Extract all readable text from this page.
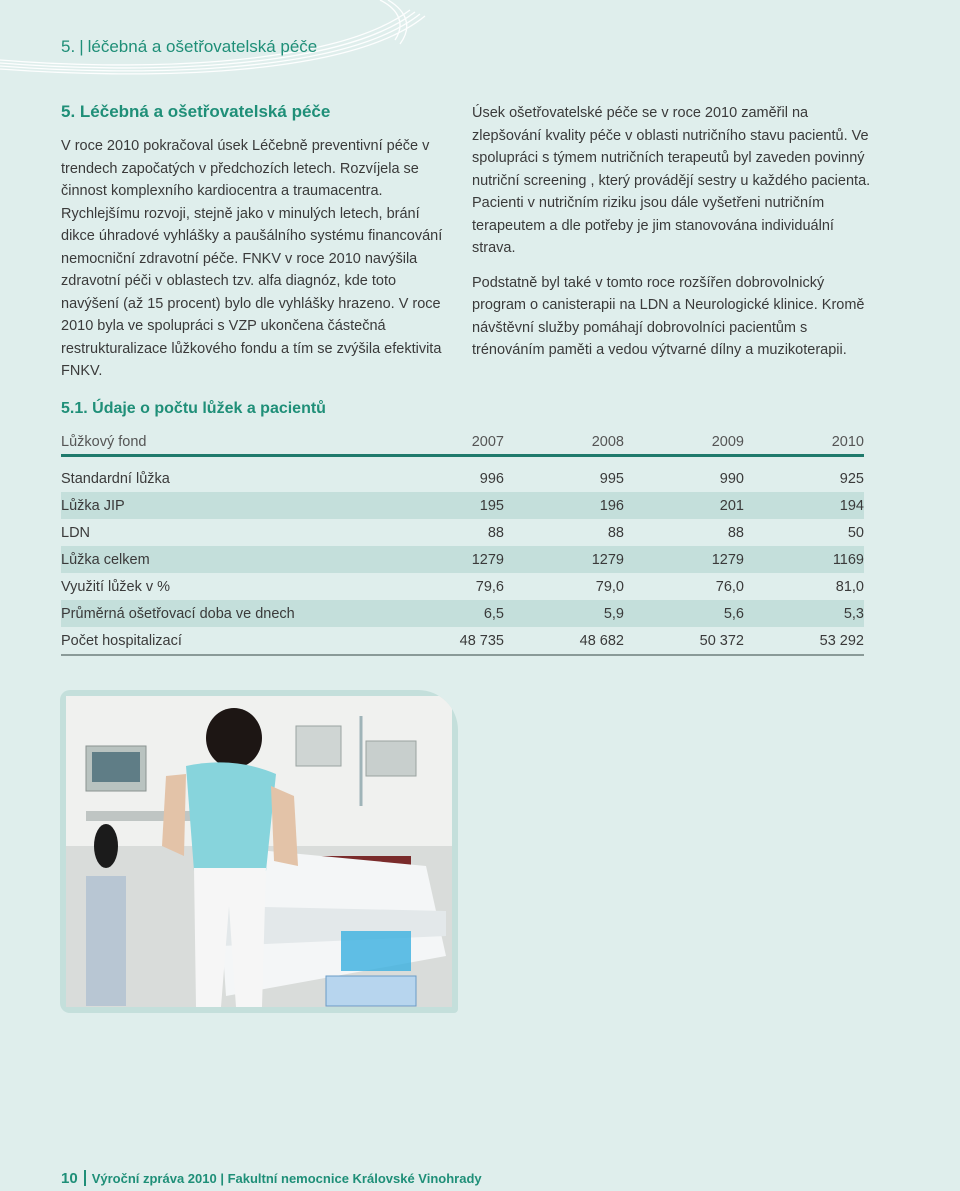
5. | léčebná a ošetřovatelská péče
5. Léčebná a ošetřovatelská péče

V roce 2010 pokračoval úsek Léčebně preventivní péče v trendech započatých v předchozích letech. Rozvíjela se činnost komplexního kardiocentra a traumacentra. Rychlejšímu rozvoji, stejně jako v minulých letech, brání dikce úhradové vyhlášky a paušálního systému financování nemocniční zdravotní péče. FNKV v roce 2010 navýšila zdravotní péči v oblastech tzv. alfa diagnóz, kde toto navýšení (až 15 procent) bylo dle vyhlášky hrazeno. V roce 2010 byla ve spolupráci s VZP ukončena částečná restrukturalizace lůžkového fondu a tím se zvýšila efektivita FNKV.

Úsek ošetřovatelské péče se v roce 2010 zaměřil na zlepšování kvality péče v oblasti nutričního stavu pacientů. Ve spolupráci s týmem nutričních terapeutů byl zaveden povinný nutriční screening , který provádějí sestry u každého pacienta. Pacienti v nutričním riziku jsou dále vyšetřeni nutričním terapeutem a dle potřeby je jim stanovována individuální strava.

Podstatně byl také v tomto roce rozšířen dobrovolnický program o canisterapii na LDN a Neurologické klinice. Kromě návštěvní služby pomáhají dobrovolníci pacientům s trénováním paměti a vedou výtvarné dílny a muzikoterapii.

5.1. Údaje o počtu lůžek a pacientů
Lůžkový fond	2007	2008	2009	2010

Standardní lůžka	996	995	990	925
Lůžka JIP	195	196	201	194
LDN	88	88	88	50
Lůžka celkem	1279	1279	1279	1169
Využití lůžek v %	79,6	79,0	76,0	81,0
Průměrná ošetřovací doba ve dnech	6,5	5,9	5,6	5,3
Počet hospitalizací	48 735	48 682	50 372	53 292
10 Výroční zpráva 2010 | Fakultní nemocnice Královské Vinohrady
